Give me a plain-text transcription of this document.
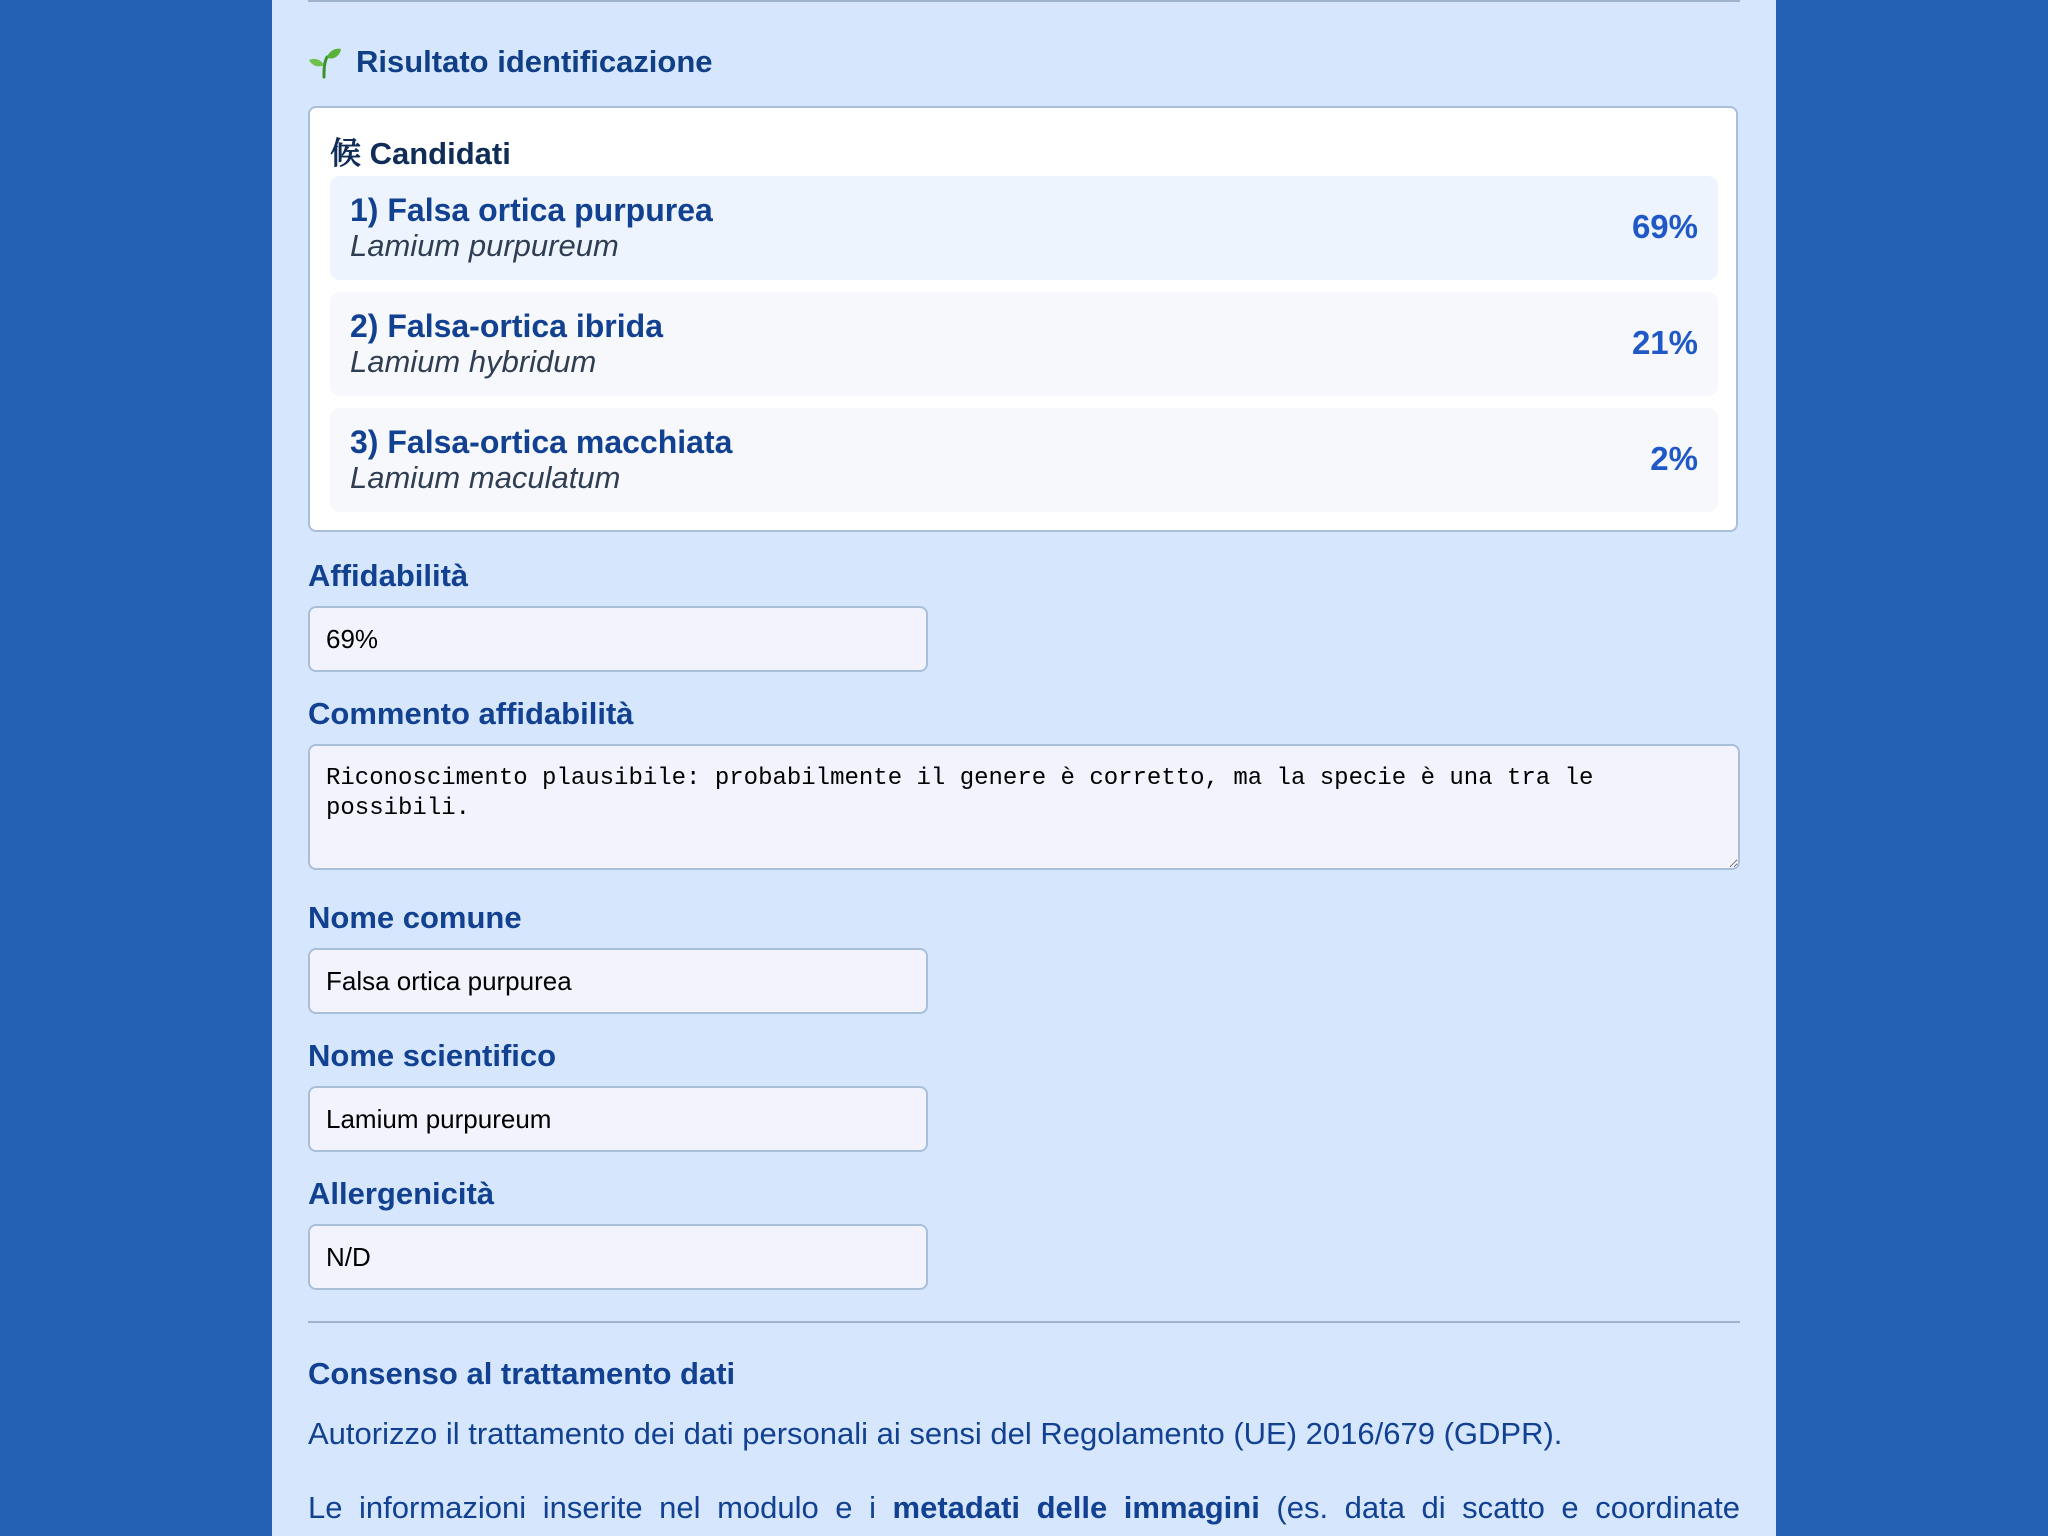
Risultato identificazione
候 Candidati
1) Falsa ortica purpurea
Lamium purpureum
69%
2) Falsa-ortica ibrida
Lamium hybridum
21%
3) Falsa-ortica macchiata
Lamium maculatum
2%
Affidabilità
69%
Commento affidabilità
Riconoscimento plausibile: probabilmente il genere è corretto, ma la specie è una tra le possibili.
Nome comune
Falsa ortica purpurea
Nome scientifico
Lamium purpureum
Allergenicità
N/D
Consenso al trattamento dati
Autorizzo il trattamento dei dati personali ai sensi del Regolamento (UE) 2016/679 (GDPR).
Le informazioni inserite nel modulo e i metadati delle immagini (es. data di scatto e coordinate
